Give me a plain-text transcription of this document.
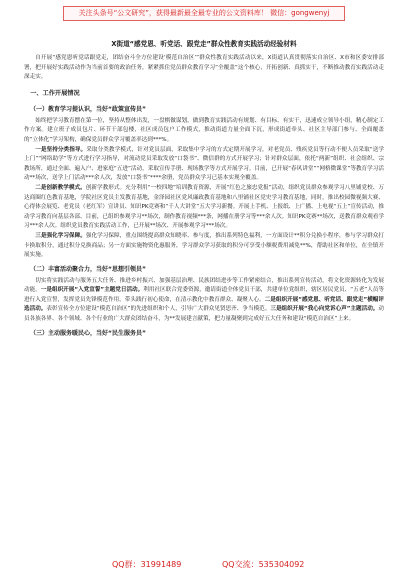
关注头条号“公文研究”，获得最新最全最专业的公文资料库！ 微信：gongwenyj
X街道“感党恩、听党话、跟党走”群众性教育实践活动经验材料

自开展“感党恩听党话跟党走，团结奋斗全方位建设‘模范自治区’”群众性教育实践活动以来，X街道认真贯彻落实自治区、X市和区委安排部署，把开展好实践活动作为当前首要的政治任务，紧紧抓住党员群众教育学习“全覆盖”这个核心，开拓创新、真抓实干，不断推动教育实践活动走深走实。

一、工作开展情况
（一）教育学习提认识，当好“政策宣传员”

始终把学习教育摆在第一位，坚持从整体出发，一盘棋做谋划，做到教育实践活动有规划、有目标、有实干，迅速成立领导小组，精心制定工作方案。建立班子成员包片、环节干部包楼，社区成员包户工作模式，推动街道力量全面下沉，形成街道牵头、社区主导部门参与、全面覆盖的“立体化”学习架构，确保党员群众学习覆盖率达到***%。

一是坚持分类指导。采取分类教学模式，针对党员层面，采取集中学习的方式定期开展学习，对老党员、残疾党员等行动不便人员采取“送学上门”“网络助学”等方式进行学习指导，对流动党员采取发放“口袋书”、微信群的方式开展学习；针对群众层面，依托“两新”组织、社会组织、宗教场所，通过全面、遍入户、进家庭“五进”活动，采取宣传手册、现场教学等方式开展学习。目前，已开展“春风讲堂”“网格微课堂”等教育学习活动**场次，送学上门活动***余人次，发放“口袋书”****余册，党员群众学习已基本实现全覆盖。

二是创新教学模式。创新学教形式。充分利用“一校四地”培训教育资源，开展“红色之旅忠党报”活动，组织党员群众参观学习八里铺党校、万达商圈红色教育基地，学院社区党员主发教育基地，金泽园社区党风廉政教育基地和八里铺社区党史学习教育基地，同时，推出校园微视频大赛、心得体会展览、老党员（老红军）宣讲员、知识PK竞赛和“千人大讲堂”五大学习新餐。开展上手机、上报纸、上广播、上电视“五上”宣传活动，推动学习教育向基层各部、目前，已组织参观学习**场次，制作教育视频***条，网播在册学习等***余人次。知识PK竞赛**场次，送教育群众观看学习***余人次。组织党员教育实践活动工作，已开展**场次、开展参观学习***场次。

三是强化学习保障。强化学习保障，重点围绕提高群众知晓率、参与度，推出系列特色福利，一方面设计**积分兑换小程序，参与学习群众打卡换取积分，通过积分兑换商品；另一方面实施物资化惠服务，学习群众学习获取的积分可享受小额税费用减免**%，帮助社区和单位，在全镇开展实施。

（二）丰富活动聚合力，当好“思想引领员”

切实将实践活动与服务五大任务、推进乡村振兴、加强基层治理、民族团结进步等工作紧密结合，推出系列宣传活动，将文化资源转化为发展动能。一是组织开展“入党宣誓”主题党日活动。利用社区联合党委资源，邀请街道全体党员干部，共建单位党组织，辖区居民党员、“五老”人员等进行入党宣誓，发挥党员先锋模范作用，带头践行初心使命，在清示教化中教育群众、凝聚人心。二是组织开展“感党恩、听党话、跟党走”横幅评选活动。表彰宣传全方位建设“模范自治区”的先进组织和个人，引导广大群众见贤思齐、争当模范。三是组织开展“我心向党诉心声”主题活动。动员各族各界、各个领域、各个行业的广大群众团结奋斗，为**发展建言献策，把力量凝聚到完成好五大任务和建设“模范自治区”上来。

（三）主动服务暖民心，当好“民生服务员”
QQ群：31991489	QQ交流：535304092
